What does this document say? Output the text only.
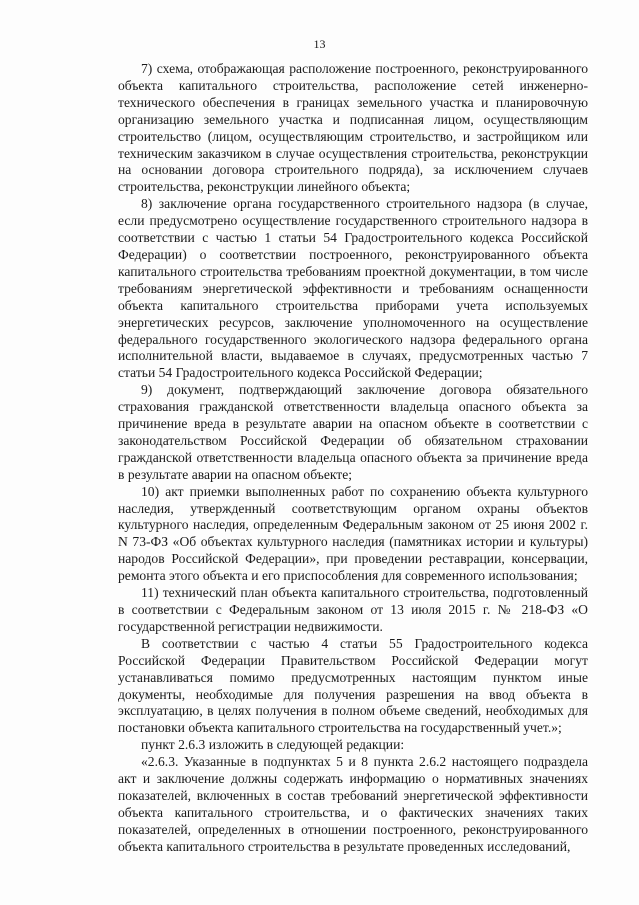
13

7) схема, отображающая расположение построенного, реконструированного объекта капитального строительства, расположение сетей инженерно-технического обеспечения в границах земельного участка и планировочную организацию земельного участка и подписанная лицом, осуществляющим строительство (лицом, осуществляющим строительство, и застройщиком или техническим заказчиком в случае осуществления строительства, реконструкции на основании договора строительного подряда), за исключением случаев строительства, реконструкции линейного объекта;

8) заключение органа государственного строительного надзора (в случае, если предусмотрено осуществление государственного строительного надзора в соответствии с частью 1 статьи 54 Градостроительного кодекса Российской Федерации) о соответствии построенного, реконструированного объекта капитального строительства требованиям проектной документации, в том числе требованиям энергетической эффективности и требованиям оснащенности объекта капитального строительства приборами учета используемых энергетических ресурсов, заключение уполномоченного на осуществление федерального государственного экологического надзора федерального органа исполнительной власти, выдаваемое в случаях, предусмотренных частью 7 статьи 54 Градостроительного кодекса Российской Федерации;

9) документ, подтверждающий заключение договора обязательного страхования гражданской ответственности владельца опасного объекта за причинение вреда в результате аварии на опасном объекте в соответствии с законодательством Российской Федерации об обязательном страховании гражданской ответственности владельца опасного объекта за причинение вреда в результате аварии на опасном объекте;

10) акт приемки выполненных работ по сохранению объекта культурного наследия, утвержденный соответствующим органом охраны объектов культурного наследия, определенным Федеральным законом от 25 июня 2002 г. N 73-ФЗ «Об объектах культурного наследия (памятниках истории и культуры) народов Российской Федерации», при проведении реставрации, консервации, ремонта этого объекта и его приспособления для современного использования;

11) технический план объекта капитального строительства, подготовленный в соответствии с Федеральным законом от 13 июля 2015 г. № 218-ФЗ «О государственной регистрации недвижимости.

В соответствии с частью 4 статьи 55 Градостроительного кодекса Российской Федерации Правительством Российской Федерации могут устанавливаться помимо предусмотренных настоящим пунктом иные документы, необходимые для получения разрешения на ввод объекта в эксплуатацию, в целях получения в полном объеме сведений, необходимых для постановки объекта капитального строительства на государственный учет.»;

пункт 2.6.3 изложить в следующей редакции:

«2.6.3. Указанные в подпунктах 5 и 8 пункта 2.6.2 настоящего подраздела акт и заключение должны содержать информацию о нормативных значениях показателей, включенных в состав требований энергетической эффективности объекта капитального строительства, и о фактических значениях таких показателей, определенных в отношении построенного, реконструированного объекта капитального строительства в результате проведенных исследований,
